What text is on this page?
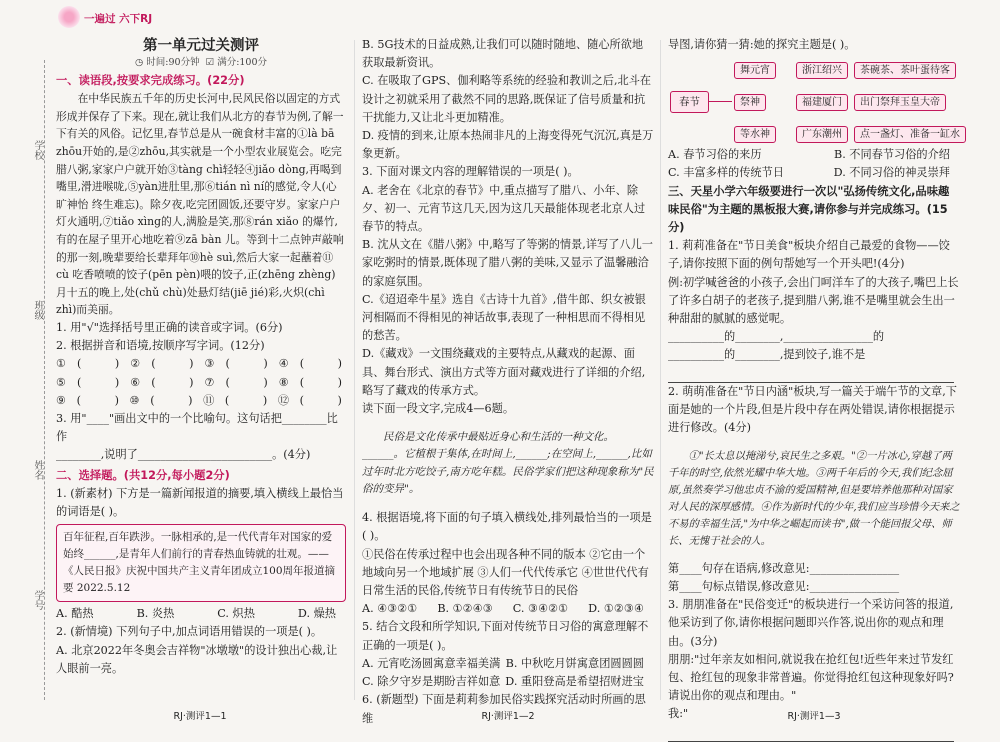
学校
班级
姓名
学号
一遍过 六下RJ
第一单元过关测评
◷ 时间:90分钟 ☑ 满分:100分
一、读语段,按要求完成练习。(22分)

在中华民族五千年的历史长河中,民风民俗以固定的方式形成并保存了下来。现在,就让我们从北方的春节为例,了解一下有关的风俗。记忆里,春节总是从一碗食材丰富的①là bā zhōu开始的,是②zhōu,其实就是一个小型农业展览会。吃完腊八粥,家家户户就开始③tàng chì轻轻④jiǎo dòng,再喝到嘴里,滑进喉咙,⑤yàn进肚里,那⑥tián nì ní的感觉,令人(心旷神怡 终生难忘)。除夕夜,吃完团圆饭,还要守岁。家家户户灯火通明,⑦tiǎo xìng的人,满脸是笑,那⑧rán xiǎo 的爆竹,有的在屋子里开心地吃着⑨zā bàn 儿。等到十二点钟声敲响的那一刻,晚辈要给长辈拜年⑩hè suì,然后大家一起蘸着⑪ cù 吃香喷喷的饺子(pēn pèn)喂的饺子,正(zhēng zhèng)月十五的晚上,处(chǔ chù)处悬灯结(jiē jié)彩,火炽(chì zhì)而美丽。

1. 用"√"选择括号里正确的读音或字词。(6分)

2. 根据拼音和语境,按顺序写字词。(12分)

① (　　　) ② (　　　) ③ (　　　) ④ (　　　)
⑤ (　　　) ⑥ (　　　) ⑦ (　　　) ⑧ (　　　)
⑨ (　　　) ⑩ (　　　) ⑪ (　　　) ⑫ (　　　)

3. 用"____"画出文中的一个比喻句。这句话把________比作

________,说明了________________________。(4分)

二、选择题。(共12分,每小题2分)

1. (新素材) 下方是一篇新闻报道的摘要,填入横线上最恰当的词语是( )。

百年征程,百年跌涉。一脉相承的,是一代代青年对国家的爱始终______,是青年人们前行的青春热血铸就的壮观。——《人民日报》庆祝中国共产主义青年团成立100周年报道摘要 2022.5.12
A. 酷热	B. 炎热	C. 炽热	D. 燥热

2. (新情境) 下列句子中,加点词语用错误的一项是( )。

A. 北京2022年冬奥会吉祥物"冰墩墩"的设计独出心裁,让人眼前一亮。

RJ·测评1—1

B. 5G技术的日益成熟,让我们可以随时随地、随心所欲地获取最新资讯。

C. 在吸取了GPS、伽利略等系统的经验和教训之后,北斗在设计之初就采用了截然不同的思路,既保证了信号质量和抗干扰能力,又让北斗更加精准。

D. 疫情的到来,让原本热闹非凡的上海变得死气沉沉,真是万象更新。

3. 下面对课文内容的理解错误的一项是( )。

A. 老舍在《北京的春节》中,重点描写了腊八、小年、除夕、初一、元宵节这几天,因为这几天最能体现老北京人过春节的特点。

B. 沈从文在《腊八粥》中,略写了等粥的情景,详写了八儿一家吃粥时的情景,既体现了腊八粥的美味,又显示了温馨融洽的家庭氛围。

C.《迢迢牵牛星》选自《古诗十九首》,借牛郎、织女被银河相隔而不得相见的神话故事,表现了一种相思而不得相见的愁苦。

D.《藏戏》一文围绕藏戏的主要特点,从藏戏的起源、面具、舞台形式、演出方式等方面对藏戏进行了详细的介绍,略写了藏戏的传承方式。

读下面一段文字,完成4—6题。

民俗是文化传承中最贴近身心和生活的一种文化。______。它植根于集体,在时间上,______;在空间上,______,比如过年时北方吃饺子,南方吃年糕。民俗学家们把这种现象称为"民俗的变异"。

4. 根据语境,将下面的句子填入横线处,排列最恰当的一项是( )。

①民俗在传承过程中也会出现各种不同的版本 ②它由一个地域向另一个地域扩展 ③人们一代代传承它 ④世世代代有日常生活的民俗,传统节日有传统节日的民俗

A. ④③②① B. ①②④③ C. ③④②① D. ①②③④

5. 结合文段和所学知识,下面对传统节日习俗的寓意理解不正确的一项是( )。

A. 元宵吃汤圆寓意幸福美满 B. 中秋吃月饼寓意团圆圆圆
C. 除夕守岁是期盼吉祥如意 D. 重阳登高是希望招财进宝

6. (新题型) 下面是莉莉参加民俗实践探究活动时所画的思维	RJ·测评1—2

导图,请你猜一猜:她的探究主题是( )。

春节
舞元宵
祭神
等水神
浙江绍兴
福建厦门
广东潮州
茶碗茶、茶叶蛋待客
出门祭拜玉皇大帝
点一盏灯、准备一缸水
A. 春节习俗的来历	B. 不同春节习俗的介绍
C. 丰富多样的传统节日	D. 不同习俗的神灵崇拜
三、天星小学六年级要进行一次以"弘扬传统文化,品味趣味民俗"为主题的黑板报大赛,请你参与并完成练习。(15分)

1. 莉莉准备在"节日美食"板块介绍自己最爱的食物——饺子,请你按照下面的例句帮她写一个开头吧!(4分)

例:初学喊爸爸的小孩子,会出门呵洋车了的大孩子,嘴巴上长了许多白胡子的老孩子,提到腊八粥,谁不是嘴里就会生出一种甜甜的腻腻的感觉呢。

__________的________,________________的

__________的________,提到饺子,谁不是

2. 萌萌准备在"节日内涵"板块,写一篇关于端午节的文章,下面是她的一个片段,但是片段中存在两处错误,请你根据提示进行修改。(4分)

①"长太息以掩涕兮,哀民生之多艰。"②一片冰心,穿越了两千年的时空,依然光耀中华大地。③两千年后的今天,我们纪念屈原,虽然奏学习他忠贞不渝的爱国精神,但是要培养他那种对国家对人民的深厚感情。④作为新时代的少年,我们应当珍惜今天来之不易的幸福生活,"为中华之崛起而读书",做一个能回报父母、师长、无愧于社会的人。

第____句存在语病,修改意见:________________

第____句标点错误,修改意见:________________

3. 朋朋准备在"民俗变迁"的板块进行一个采访问答的报道,他采访到了你,请你根据问题即兴作答,说出你的观点和理由。(3分)

朋朋:"过年亲友如相问,就说我在抢红包!近些年来过节发红包、抢红包的现象非常普遍。你觉得抢红包这种现象好吗?请说出你的观点和理由。"

我:"	RJ·测评1—3
